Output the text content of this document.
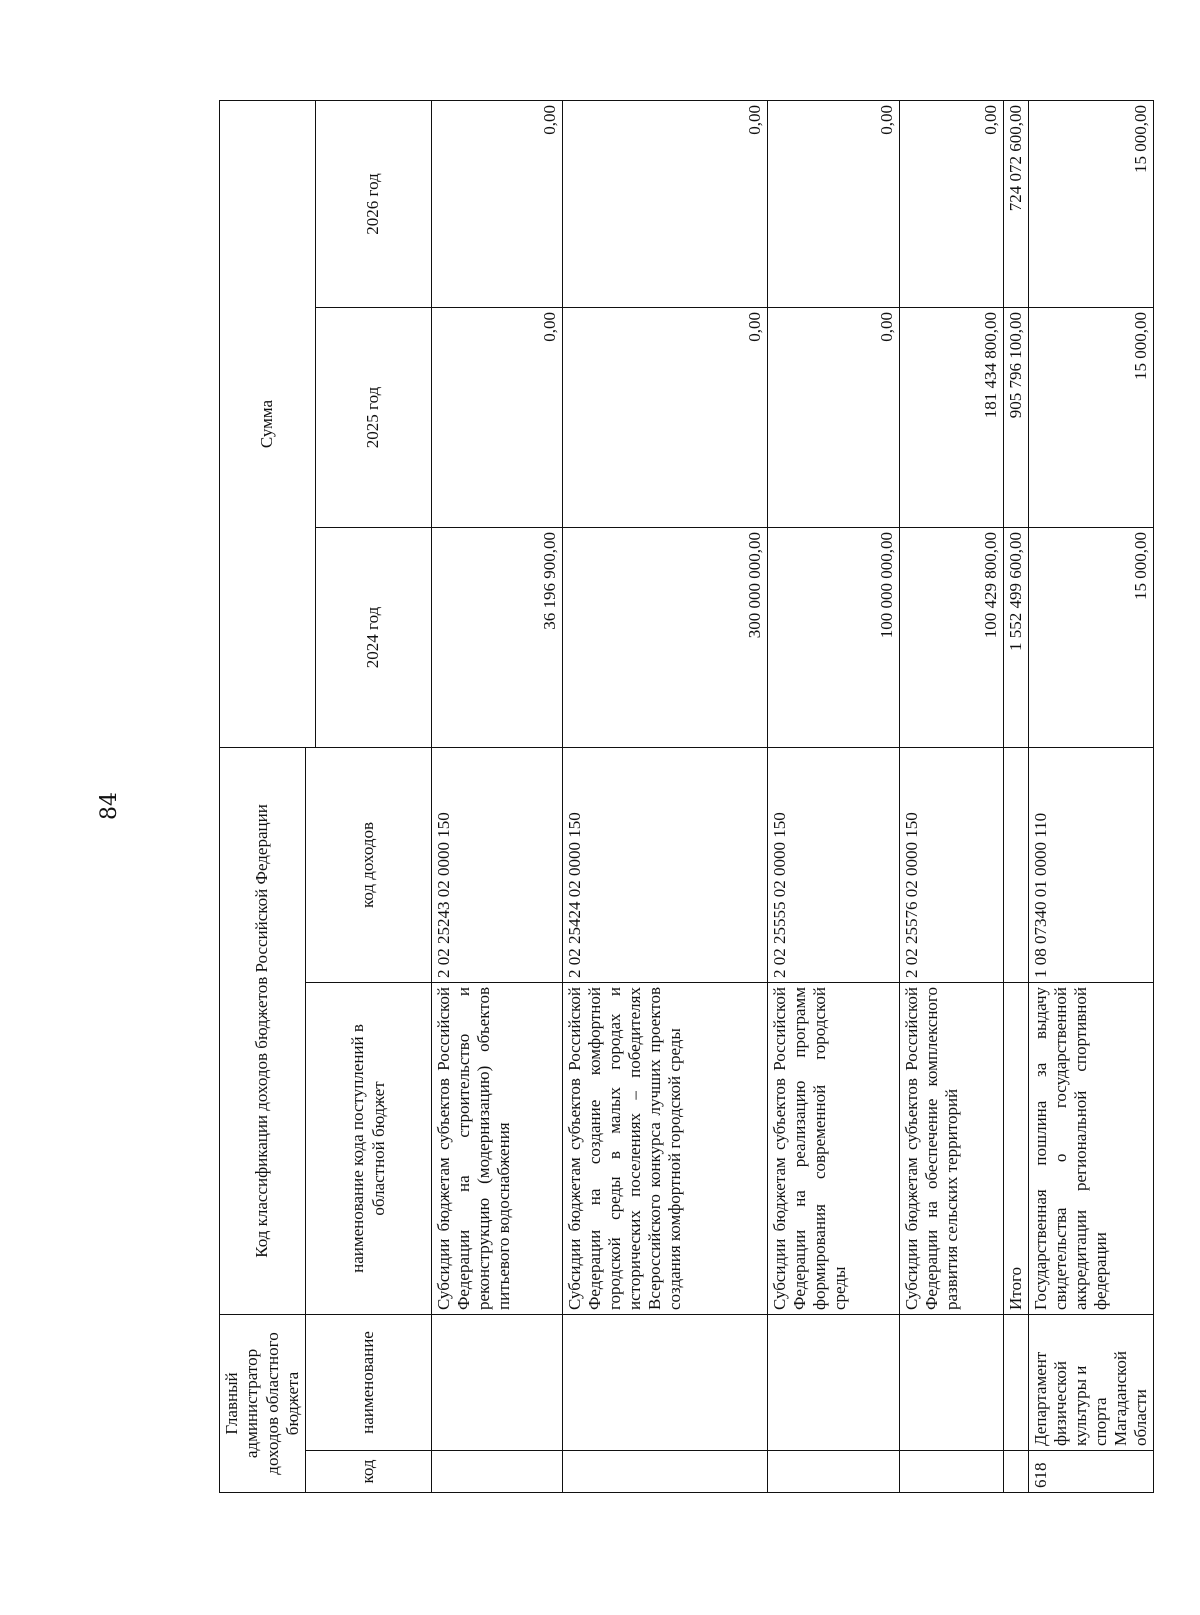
84
Главный администратор доходов областного бюджета		Код классификации доходов бюджетов Российской Федерации		Сумма		
код	наименование	наименование кода поступлений в областной бюджет	код доходов			
				2024 год	2025 год	2026 год
		Субсидии бюджетам субъектов Российской Федерации на строительство и реконструкцию (модернизацию) объектов питьевого водоснабжения	2 02 25243 02 0000 150	36 196 900,00	0,00	0,00
		Субсидии бюджетам субъектов Российской Федерации на создание комфортной городской среды в малых городах и исторических поселениях – победителях Всероссийского конкурса лучших проектов создания комфортной городской среды	2 02 25424 02 0000 150	300 000 000,00	0,00	0,00
		Субсидии бюджетам субъектов Российской Федерации на реализацию программ формирования современной городской среды	2 02 25555 02 0000 150	100 000 000,00	0,00	0,00
		Субсидии бюджетам субъектов Российской Федерации на обеспечение комплексного развития сельских территорий	2 02 25576 02 0000 150	100 429 800,00	181 434 800,00	0,00
		Итого		1 552 499 600,00	905 796 100,00	724 072 600,00
618	Департамент физической культуры и спорта Магаданской области	Государственная пошлина за выдачу свидетельства о государственной аккредитации региональной спортивной федерации	1 08 07340 01 0000 110	15 000,00	15 000,00	15 000,00
